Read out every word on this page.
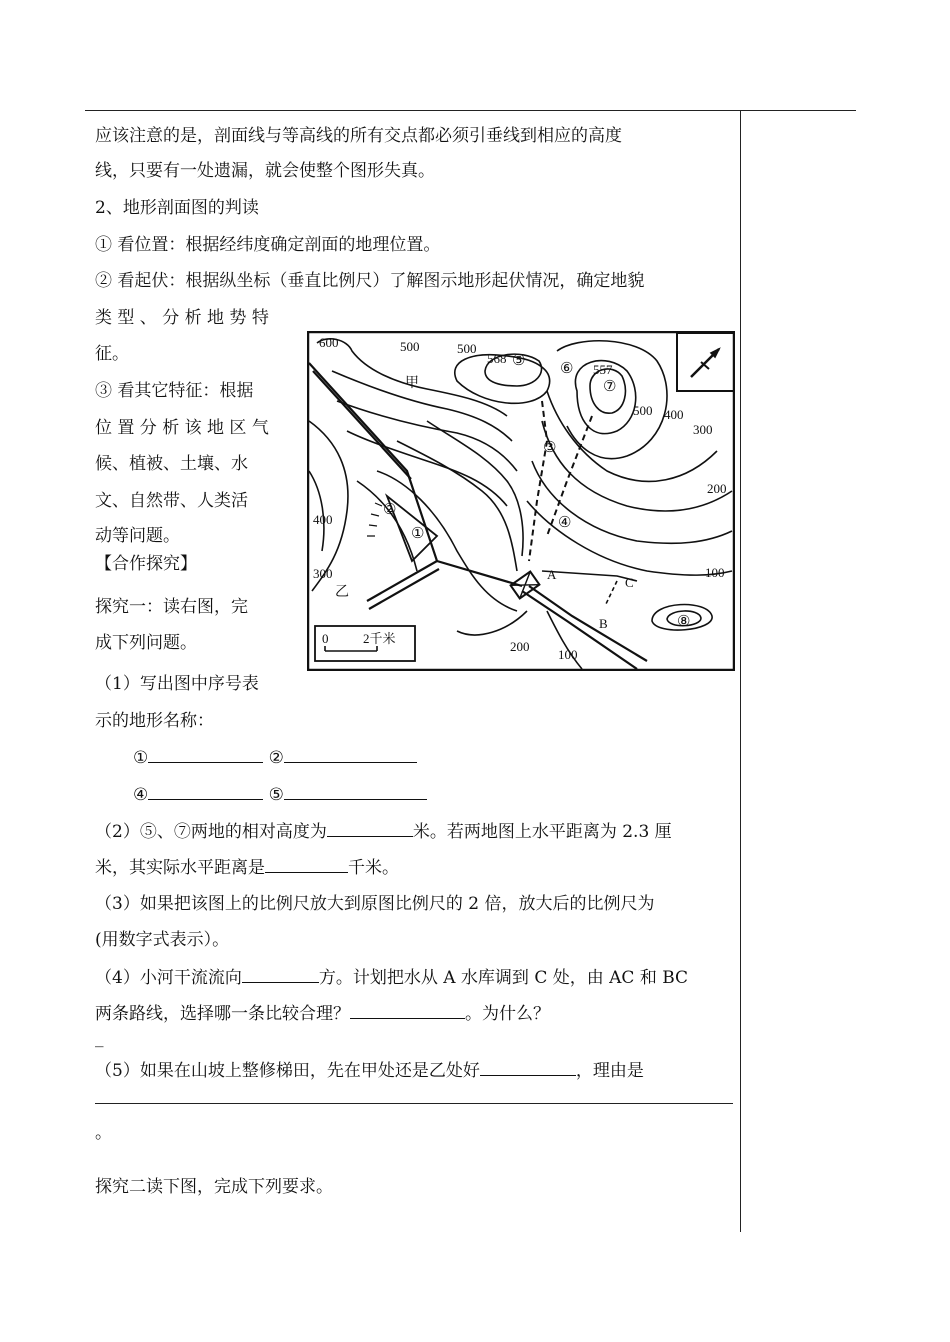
应该注意的是，剖面线与等高线的所有交点都必须引垂线到相应的高度
线，只要有一处遗漏，就会使整个图形失真。
2、地形剖面图的判读
① 看位置：根据经纬度确定剖面的地理位置。
② 看起伏：根据纵坐标（垂直比例尺）了解图示地形起伏情况，确定地貌
类 型 、 分 析 地 势 特
征。
③ 看其它特征：根据
位 置 分 析 该 地 区 气
候、植被、土壤、水
文、自然带、人类活
动等问题。
【合作探究】
探究一：读右图，完
成下列问题。
（1）写出图中序号表
示的地形名称：
①	②
④	⑤
（2）⑤、⑦两地的相对高度为	米。若两地图上水平距离为 2.3 厘
米，其实际水平距离是	千米。
（3）如果把该图上的比例尺放大到原图比例尺的 2 倍，放大后的比例尺为
(用数字式表示）。
（4）小河干流流向	方。计划把水从 A 水库调到 C 处，由 AC 和 BC
两条路线，选择哪一条比较合理？	。为什么？
_
（5）如果在山坡上整修梯田，先在甲处还是乙处好	，理由是
。
探究二读下图，完成下列要求。
600	500	500
568 ⑤ ⑥ 557
⑦
500 400
300
200
甲
③
②
①
④
400
300
乙
A
C
100
B	⑧
200
100
0	2千米
